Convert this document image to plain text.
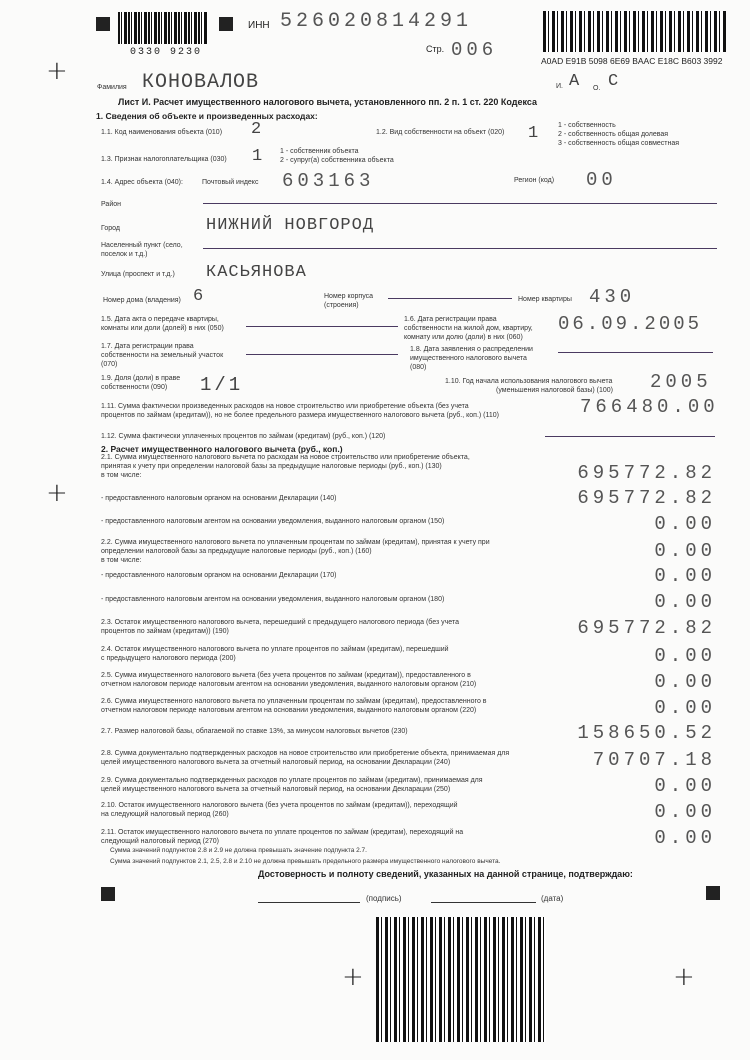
0330 9230
ИНН 526020814291
Стр. 006	A0AD E91B 5098 6E69 BAAC E18C B603 3992
+
+
+	+
Фамилия КОНОВАЛОВ	И. А О. С
Лист И. Расчет имущественного налогового вычета, установленного пп. 2 п. 1 ст. 220 Кодекса
1. Сведения об объекте и произведенных расходах:
1.1. Код наименования объекта (010) 2	1.2. Вид собственности на объект (020) 1	1 - собственность
2 - собственность общая долевая
3 - собственность общая совместная
1.3. Признак налогоплательщика (030) 1 1 - собственник объекта
2 - супруг(а) собственника объекта
1.4. Адрес объекта (040):	Почтовый индекс 603163	Регион (код) 00
Район
Город	НИЖНИЙ НОВГОРОД
Населенный пункт (село,
поселок и т.д.)
Улица (проспект и т.д.) КАСЬЯНОВА
Номер дома (владения) 6	Номер корпуса
(строения)
Номер квартиры 430
1.5. Дата акта о передаче квартиры,
комнаты или доли (долей) в них (050)
1.6. Дата регистрации права
собственности на жилой дом, квартиру,
комнату или долю (доли) в них (060)
06.09.2005
1.7. Дата регистрации права
собственности на земельный участок
(070)
1.8. Дата заявления о распределении
имущественного налогового вычета
(080)
1.9. Доля (доли) в праве
собственности (090) 1/1	1.10. Год начала использования налогового вычета
(уменьшения налоговой базы) (100) 2005
1.11. Сумма фактически произведенных расходов на новое строительство или приобретение объекта (без учета
процентов по займам (кредитам)), но не более предельного размера имущественного налогового вычета (руб., коп.) (110)	766480.00
1.12. Сумма фактически уплаченных процентов по займам (кредитам) (руб., коп.) (120)
2. Расчет имущественного налогового вычета (руб., коп.)
2.1. Сумма имущественного налогового вычета по расходам на новое строительство или приобретение объекта,
принятая к учету при определении налоговой базы за предыдущие налоговые периоды (руб., коп.) (130)
в том числе:	695772.82
- предоставленного налоговым органом на основании Декларации (140)	695772.82
- предоставленного налоговым агентом на основании уведомления, выданного налоговым органом (150)	0.00
2.2. Сумма имущественного налогового вычета по уплаченным процентам по займам (кредитам), принятая к учету при
определении налоговой базы за предыдущие налоговые периоды (руб., коп.) (160)
в том числе:	0.00
- предоставленного налоговым органом на основании Декларации (170)	0.00
- предоставленного налоговым агентом на основании уведомления, выданного налоговым органом (180)	0.00
2.3. Остаток имущественного налогового вычета, перешедший с предыдущего налогового периода (без учета
процентов по займам (кредитам)) (190)	695772.82
2.4. Остаток имущественного налогового вычета по уплате процентов по займам (кредитам), перешедший
с предыдущего налогового периода (200)	0.00
2.5. Сумма имущественного налогового вычета (без учета процентов по займам (кредитам)), предоставленного в
отчетном налоговом периоде налоговым агентом на основании уведомления, выданного налоговым органом (210)	0.00
2.6. Сумма имущественного налогового вычета по уплаченным процентам по займам (кредитам), предоставленного в
отчетном налоговом периоде налоговым агентом на основании уведомления, выданного налоговым органом (220)	0.00
2.7. Размер налоговой базы, облагаемой по ставке 13%, за минусом налоговых вычетов (230)	158650.52
2.8. Сумма документально подтвержденных расходов на новое строительство или приобретение объекта, принимаемая для
целей имущественного налогового вычета за отчетный налоговый период, на основании Декларации (240)	70707.18
2.9. Сумма документально подтвержденных расходов по уплате процентов по займам (кредитам), принимаемая для
целей имущественного налогового вычета за отчетный налоговый период, на основании Декларации (250)	0.00
2.10. Остаток имущественного налогового вычета (без учета процентов по займам (кредитам)), переходящий
на следующий налоговый период (260)	0.00
2.11. Остаток имущественного налогового вычета по уплате процентов по займам (кредитам), переходящий на
следующий налоговый период (270)	0.00
Сумма значений подпунктов 2.8 и 2.9 не должна превышать значение подпункта 2.7.
Сумма значений подпунктов 2.1, 2.5, 2.8 и 2.10 не должна превышать предельного размера имущественного налогового вычета.
Достоверность и полноту сведений, указанных на данной странице, подтверждаю:
(подпись)	(дата)
